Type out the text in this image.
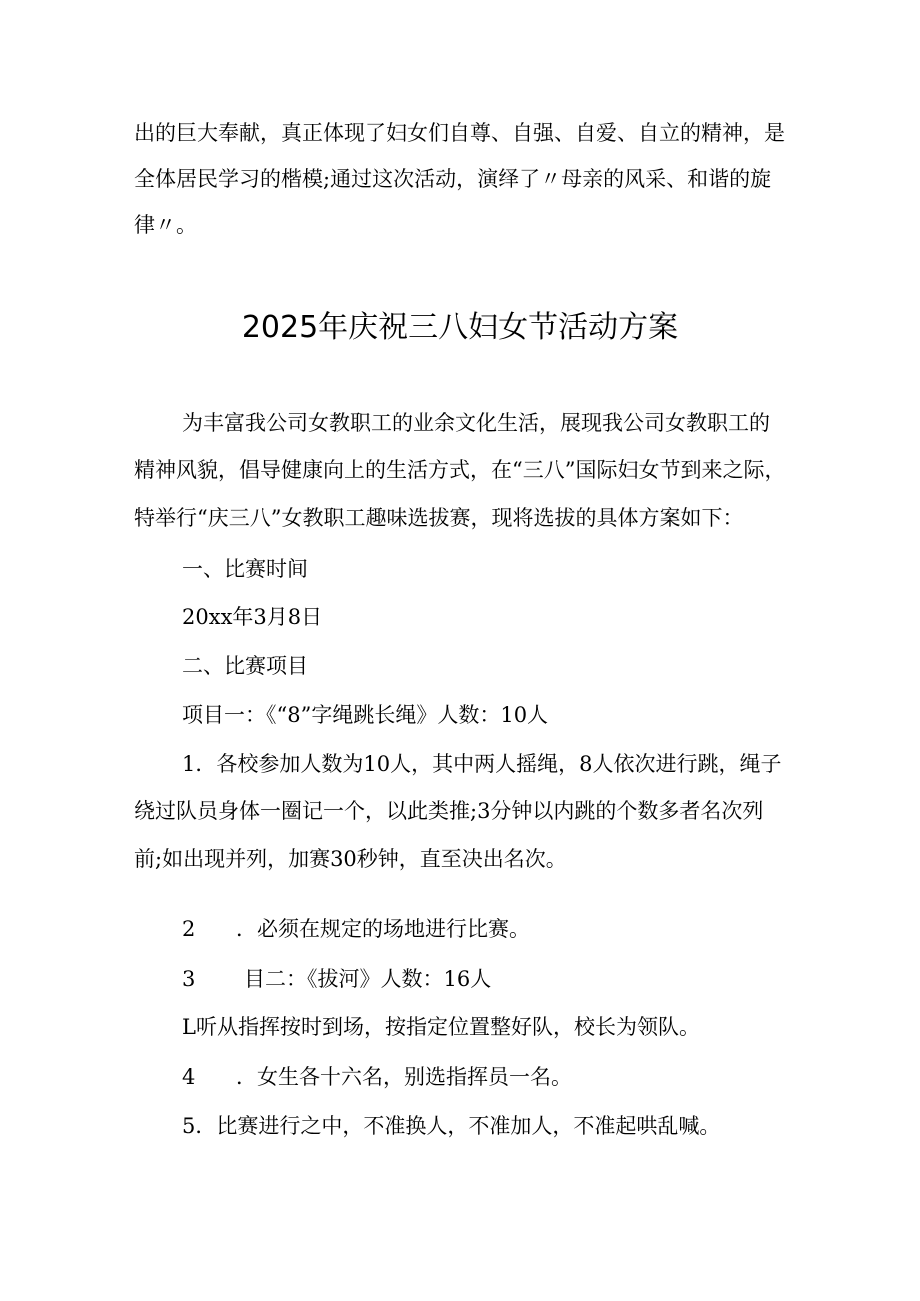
出的巨大奉献，真正体现了妇女们自尊、自强、自爱、自立的精神，是
全体居民学习的楷模;通过这次活动，演绎了〃母亲的风采、和谐的旋
律〃。
2025年庆祝三八妇女节活动方案
为丰富我公司女教职工的业余文化生活，展现我公司女教职工的
精神风貌，倡导健康向上的生活方式，在“三八”国际妇女节到来之际，
特举行“庆三八”女教职工趣味选拔赛，现将选拔的具体方案如下：
一、比赛时间
20xx年3月8日
二、比赛项目
项目一：《“8”字绳跳长绳》人数：10人
1．各校参加人数为10人，其中两人摇绳，8人依次进行跳，绳子
绕过队员身体一圈记一个，以此类推;3分钟以内跳的个数多者名次列
前;如出现并列，加赛30秒钟，直至决出名次。
2 ．必须在规定的场地进行比赛。
3 目二：《拔河》人数：16人
L听从指挥按时到场，按指定位置整好队，校长为领队。
4 ．女生各十六名，别选指挥员一名。
5．比赛进行之中，不准换人，不准加人，不准起哄乱喊。
